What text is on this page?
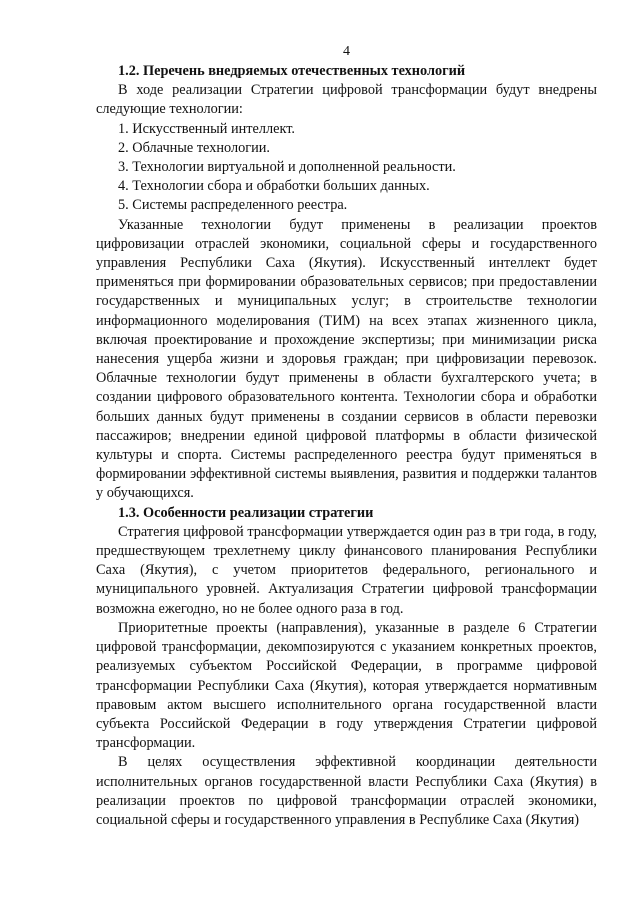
4
1.2. Перечень внедряемых отечественных технологий

В ходе реализации Стратегии цифровой трансформации будут внедрены следующие технологии:

1. Искусственный интеллект.

2. Облачные технологии.

3. Технологии виртуальной и дополненной реальности.

4. Технологии сбора и обработки больших данных.

5. Системы распределенного реестра.

Указанные технологии будут применены в реализации проектов цифровизации отраслей экономики, социальной сферы и государственного управления Республики Саха (Якутия). Искусственный интеллект будет применяться при формировании образовательных сервисов; при предоставлении государственных и муниципальных услуг; в строительстве технологии информационного моделирования (ТИМ) на всех этапах жизненного цикла, включая проектирование и прохождение экспертизы; при минимизации риска нанесения ущерба жизни и здоровья граждан; при цифровизации перевозок. Облачные технологии будут применены в области бухгалтерского учета; в создании цифрового образовательного контента. Технологии сбора и обработки больших данных будут применены в создании сервисов в области перевозки пассажиров; внедрении единой цифровой платформы в области физической культуры и спорта. Системы распределенного реестра будут применяться в формировании эффективной системы выявления, развития и поддержки талантов у обучающихся.

1.3. Особенности реализации стратегии

Стратегия цифровой трансформации утверждается один раз в три года, в году, предшествующем трехлетнему циклу финансового планирования Республики Саха (Якутия), с учетом приоритетов федерального, регионального и муниципального уровней. Актуализация Стратегии цифровой трансформации возможна ежегодно, но не более одного раза в год.

Приоритетные проекты (направления), указанные в разделе 6 Стратегии цифровой трансформации, декомпозируются с указанием конкретных проектов, реализуемых субъектом Российской Федерации, в программе цифровой трансформации Республики Саха (Якутия), которая утверждается нормативным правовым актом высшего исполнительного органа государственной власти субъекта Российской Федерации в году утверждения Стратегии цифровой трансформации.

В целях осуществления эффективной координации деятельности исполнительных органов государственной власти Республики Саха (Якутия) в реализации проектов по цифровой трансформации отраслей экономики, социальной сферы и государственного управления в Республике Саха (Якутия)
